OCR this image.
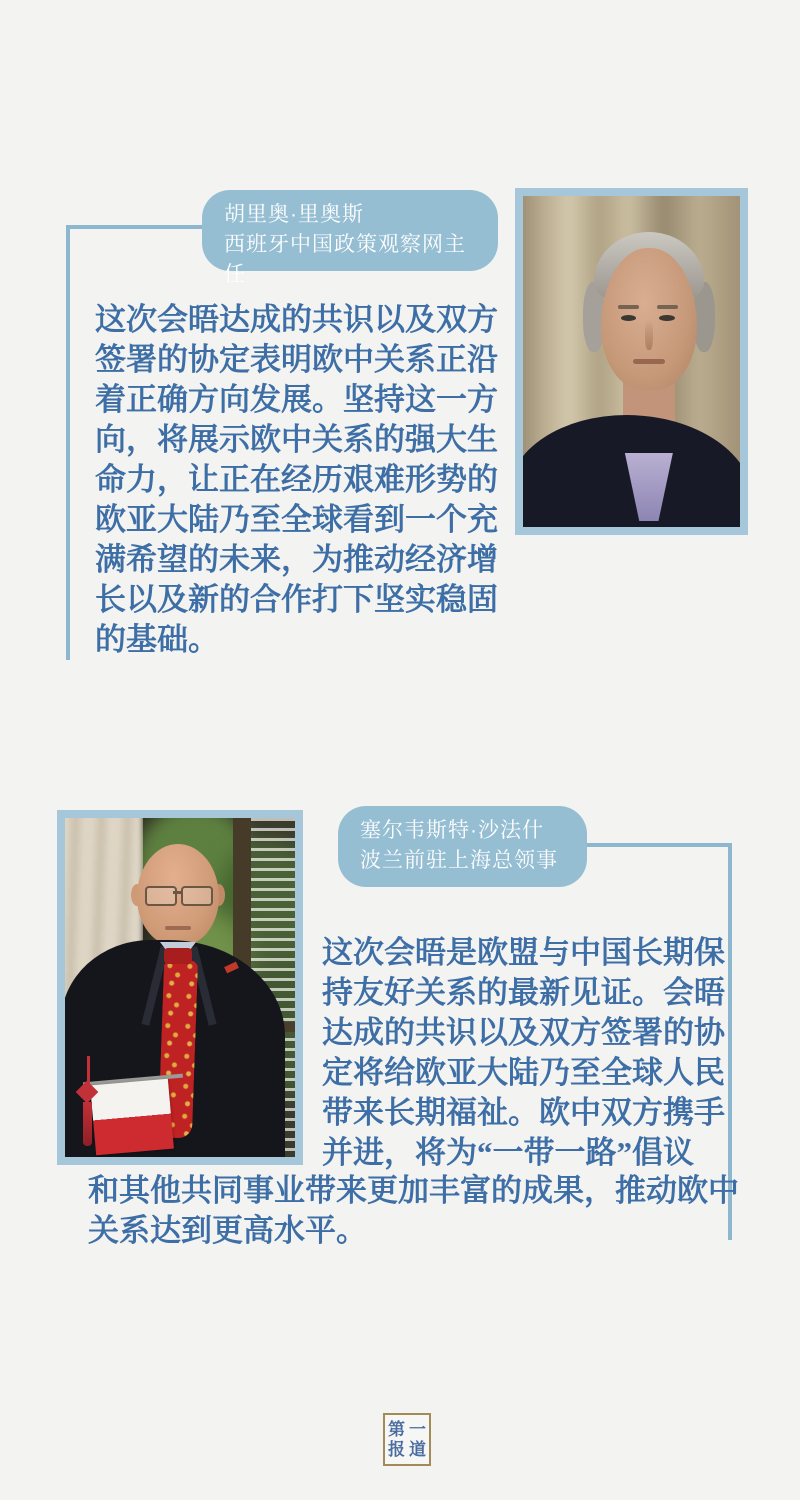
胡里奥·里奥斯
西班牙中国政策观察网主任
这次会晤达成的共识以及双方
签署的协定表明欧中关系正沿
着正确方向发展。坚持这一方
向，将展示欧中关系的强大生
命力，让正在经历艰难形势的
欧亚大陆乃至全球看到一个充
满希望的未来，为推动经济增
长以及新的合作打下坚实稳固
的基础。
塞尔韦斯特·沙法什
波兰前驻上海总领事
这次会晤是欧盟与中国长期保
持友好关系的最新见证。会晤
达成的共识以及双方签署的协
定将给欧亚大陆乃至全球人民
带来长期福祉。欧中双方携手
并进，将为“一带一路”倡议
和其他共同事业带来更加丰富的成果，推动欧中
关系达到更高水平。
第一
报道
